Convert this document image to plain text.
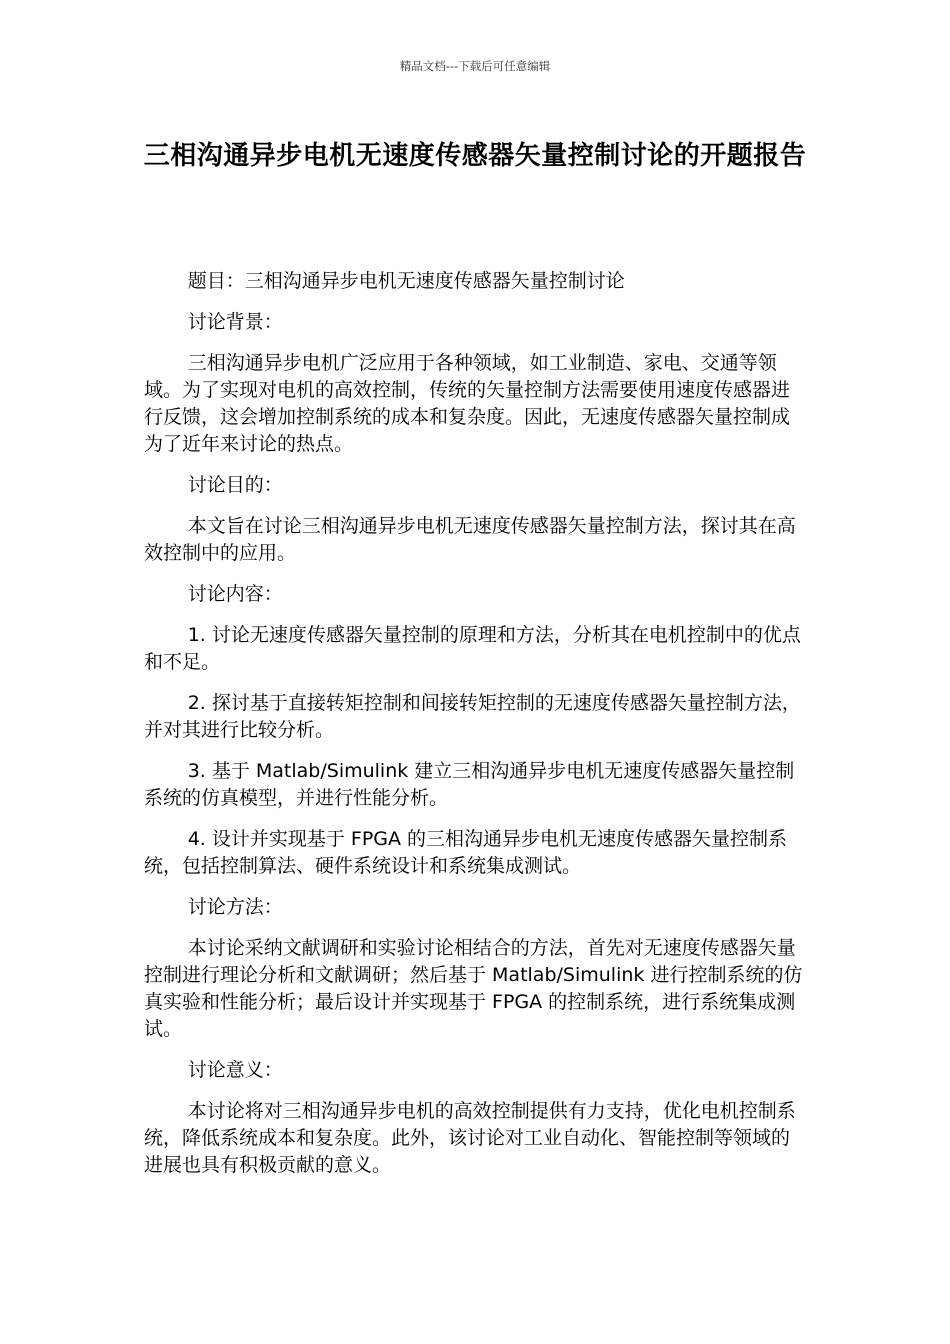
精品文档---下载后可任意编辑
三相沟通异步电机无速度传感器矢量控制讨论的开题报告

题目：三相沟通异步电机无速度传感器矢量控制讨论

讨论背景：

三相沟通异步电机广泛应用于各种领域，如工业制造、家电、交通等领域。为了实现对电机的高效控制，传统的矢量控制方法需要使用速度传感器进行反馈，这会增加控制系统的成本和复杂度。因此，无速度传感器矢量控制成为了近年来讨论的热点。

讨论目的：

本文旨在讨论三相沟通异步电机无速度传感器矢量控制方法，探讨其在高效控制中的应用。

讨论内容：

1. 讨论无速度传感器矢量控制的原理和方法，分析其在电机控制中的优点和不足。

2. 探讨基于直接转矩控制和间接转矩控制的无速度传感器矢量控制方法，并对其进行比较分析。

3. 基于 Matlab/Simulink 建立三相沟通异步电机无速度传感器矢量控制系统的仿真模型，并进行性能分析。

4. 设计并实现基于 FPGA 的三相沟通异步电机无速度传感器矢量控制系统，包括控制算法、硬件系统设计和系统集成测试。

讨论方法：

本讨论采纳文献调研和实验讨论相结合的方法，首先对无速度传感器矢量控制进行理论分析和文献调研；然后基于 Matlab/Simulink 进行控制系统的仿真实验和性能分析；最后设计并实现基于 FPGA 的控制系统，进行系统集成测试。

讨论意义：

本讨论将对三相沟通异步电机的高效控制提供有力支持，优化电机控制系统，降低系统成本和复杂度。此外，该讨论对工业自动化、智能控制等领域的进展也具有积极贡献的意义。
